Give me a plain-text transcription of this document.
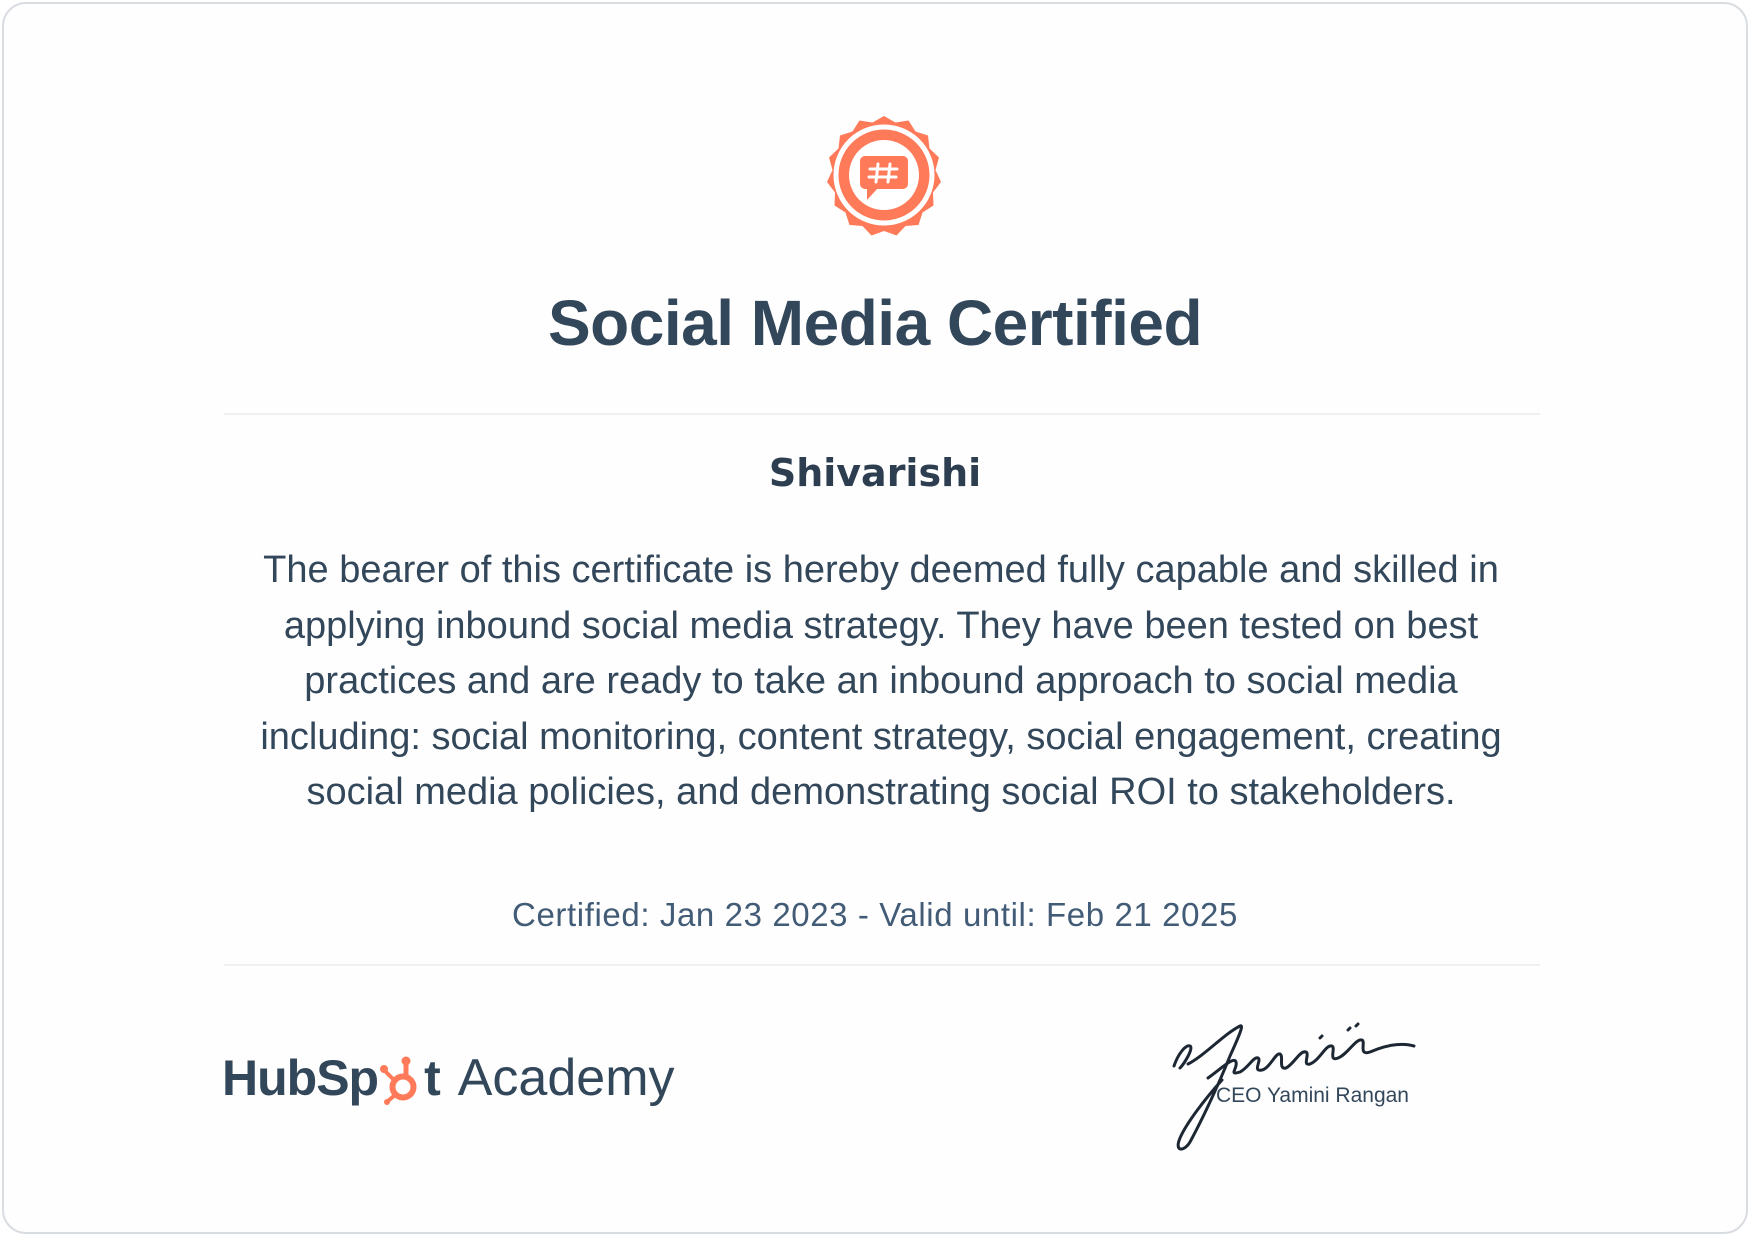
Social Media Certified
Shivarishi

The bearer of this certificate is hereby deemed fully capable and skilled in applying inbound social media strategy. They have been tested on best practices and are ready to take an inbound approach to social media including: social monitoring, content strategy, social engagement, creating social media policies, and demonstrating social ROI to stakeholders.

Certified: Jan 23 2023 - Valid until: Feb 21 2025
HubSp t Academy	CEO Yamini Rangan
